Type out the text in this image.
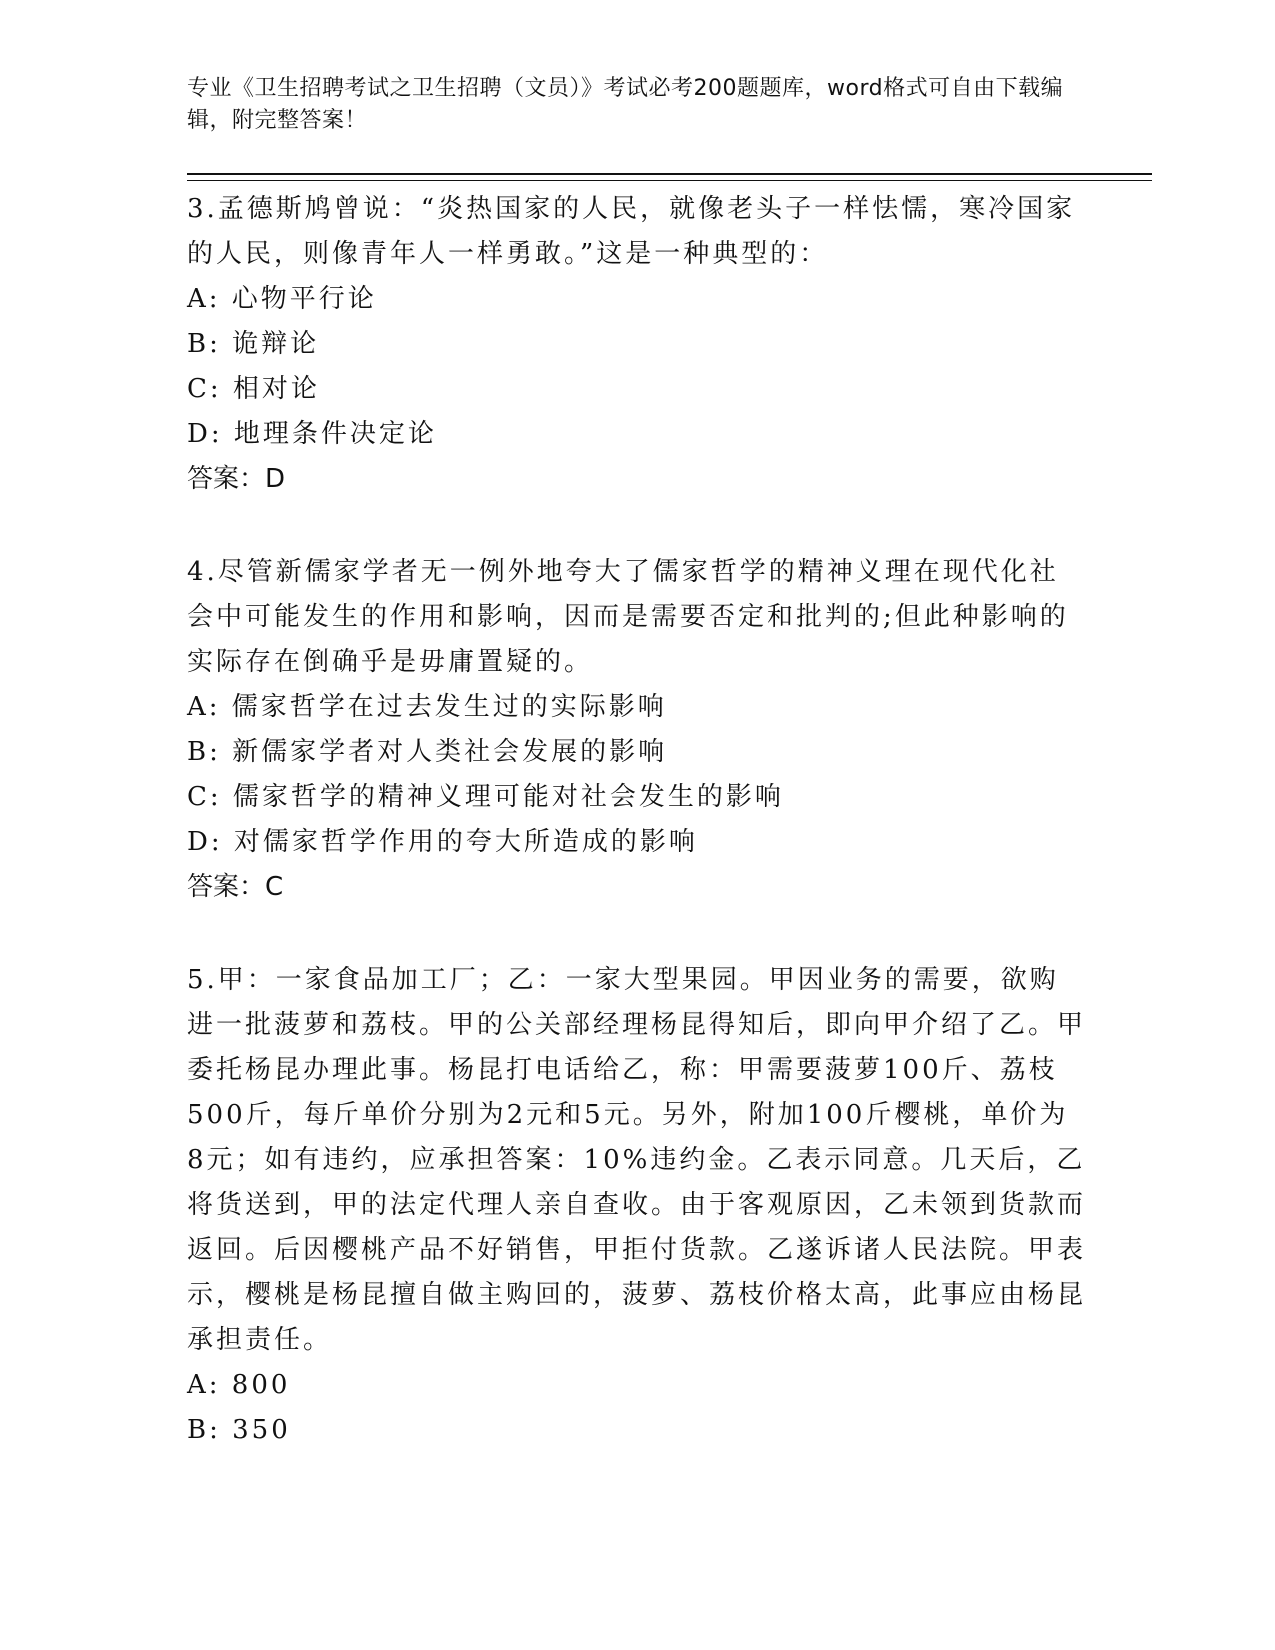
专业《卫生招聘考试之卫生招聘（文员）》考试必考200题题库，word格式可自由下载编辑，附完整答案！

3.孟德斯鸠曾说：“炎热国家的人民，就像老头子一样怯懦，寒冷国家的人民，则像青年人一样勇敢。”这是一种典型的：

A: 心物平行论

B: 诡辩论

C: 相对论

D: 地理条件决定论

答案：D

4.尽管新儒家学者无一例外地夸大了儒家哲学的精神义理在现代化社会中可能发生的作用和影响，因而是需要否定和批判的;但此种影响的实际存在倒确乎是毋庸置疑的。

A: 儒家哲学在过去发生过的实际影响

B: 新儒家学者对人类社会发展的影响

C: 儒家哲学的精神义理可能对社会发生的影响

D: 对儒家哲学作用的夸大所造成的影响

答案：C

5.甲：一家食品加工厂；乙：一家大型果园。甲因业务的需要，欲购进一批菠萝和荔枝。甲的公关部经理杨昆得知后，即向甲介绍了乙。甲委托杨昆办理此事。杨昆打电话给乙，称：甲需要菠萝100斤、荔枝500斤，每斤单价分别为2元和5元。另外，附加100斤樱桃，单价为8元；如有违约，应承担答案：10%违约金。乙表示同意。几天后，乙将货送到，甲的法定代理人亲自查收。由于客观原因，乙未领到货款而返回。后因樱桃产品不好销售，甲拒付货款。乙遂诉诸人民法院。甲表示，樱桃是杨昆擅自做主购回的，菠萝、荔枝价格太高，此事应由杨昆承担责任。

A: 800

B: 350
